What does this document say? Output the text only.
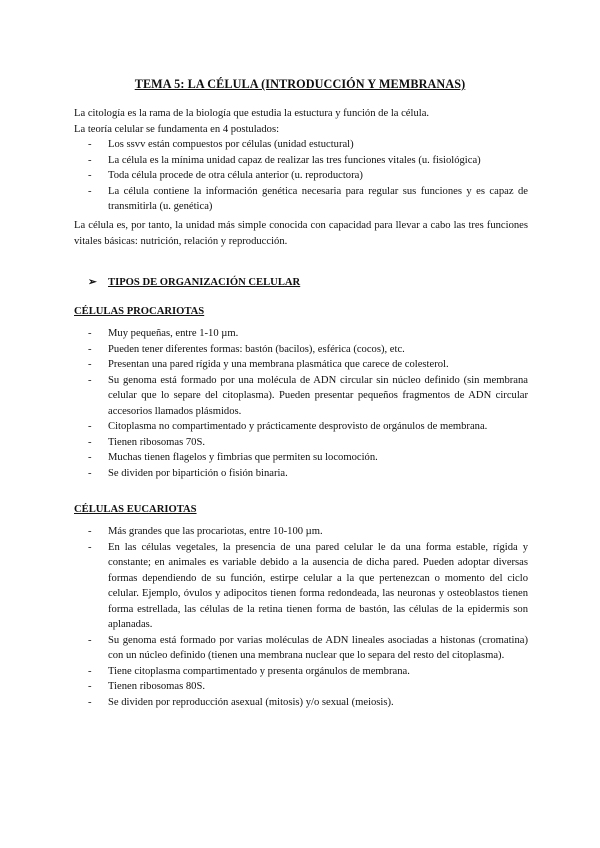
TEMA 5: LA CÉLULA (INTRODUCCIÓN Y MEMBRANAS)
La citología es la rama de la biología que estudia la estuctura y función de la célula.
La teoría celular se fundamenta en 4 postulados:
- Los ssvv están compuestos por células (unidad estuctural)
- La célula es la mínima unidad capaz de realizar las tres funciones vitales (u. fisiológica)
- Toda célula procede de otra célula anterior (u. reproductora)
- La célula contiene la información genética necesaria para regular sus funciones y es capaz de transmitirla (u. genética)
La célula es, por tanto, la unidad más simple conocida con capacidad para llevar a cabo las tres funciones vitales básicas: nutrición, relación y reproducción.
➢ TIPOS DE ORGANIZACIÓN CELULAR
CÉLULAS PROCARIOTAS
- Muy pequeñas, entre 1-10 µm.
- Pueden tener diferentes formas: bastón (bacilos), esférica (cocos), etc.
- Presentan una pared rígida y una membrana plasmática que carece de colesterol.
- Su genoma está formado por una molécula de ADN circular sin núcleo definido (sin membrana celular que lo separe del citoplasma). Pueden presentar pequeños fragmentos de ADN circular accesorios llamados plásmidos.
- Citoplasma no compartimentado y prácticamente desprovisto de orgánulos de membrana.
- Tienen ribosomas 70S.
- Muchas tienen flagelos y fimbrias que permiten su locomoción.
- Se dividen por bipartición o fisión binaria.
CÉLULAS EUCARIOTAS
- Más grandes que las procariotas, entre 10-100 µm.
- En las células vegetales, la presencia de una pared celular le da una forma estable, rígida y constante; en animales es variable debido a la ausencia de dicha pared. Pueden adoptar diversas formas dependiendo de su función, estirpe celular a la que pertenezcan o momento del ciclo celular. Ejemplo, óvulos y adipocitos tienen forma redondeada, las neuronas y osteoblastos tienen forma estrellada, las células de la retina tienen forma de bastón, las células de la epidermis son aplanadas.
- Su genoma está formado por varias moléculas de ADN lineales asociadas a histonas (cromatina) con un núcleo definido (tienen una membrana nuclear que lo separa del resto del citoplasma).
- Tiene citoplasma compartimentado y presenta orgánulos de membrana.
- Tienen ribosomas 80S.
- Se dividen por reproducción asexual (mitosis) y/o sexual (meiosis).
